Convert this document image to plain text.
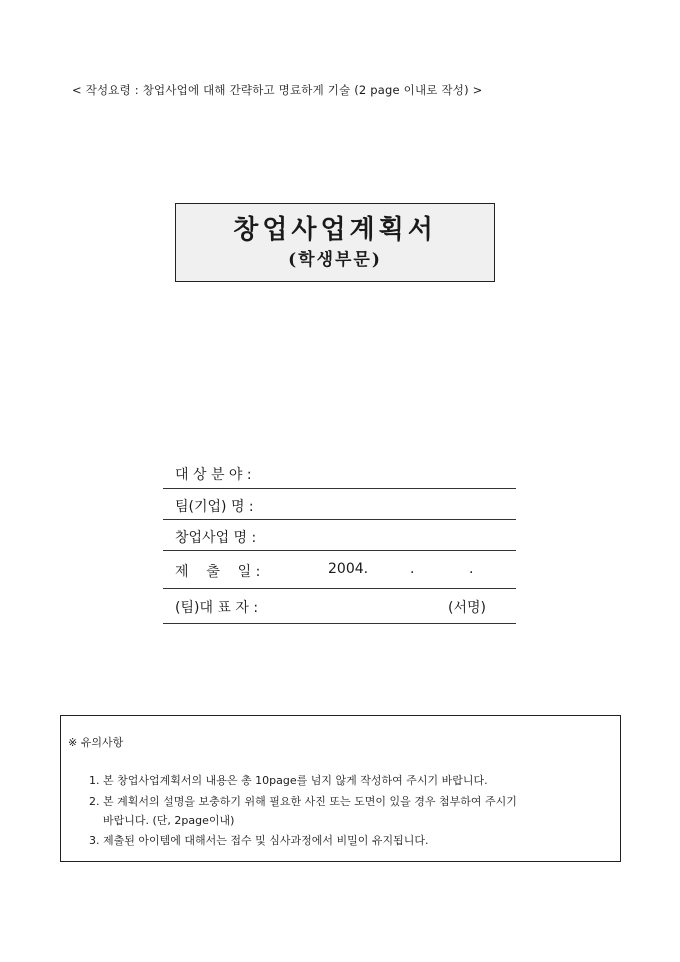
< 작성요령 : 창업사업에 대해 간략하고 명료하게 기술 (2 page 이내로 작성) >
창업사업계획서
(학생부문)
대 상 분 야 :
팀(기업) 명 :
창업사업 명 :
제    출    일 :	2004.	.	.
(팀)대 표 자 :	(서명)
※ 유의사항
1. 본 창업사업계획서의 내용은 총 10page를 넘지 않게 작성하여 주시기 바랍니다.
2. 본 계획서의 설명을 보충하기 위해 필요한 사진 또는 도면이 있을 경우 첨부하여 주시기
바랍니다. (단, 2page이내)
3. 제출된 아이템에 대해서는 접수 및 심사과정에서 비밀이 유지됩니다.
